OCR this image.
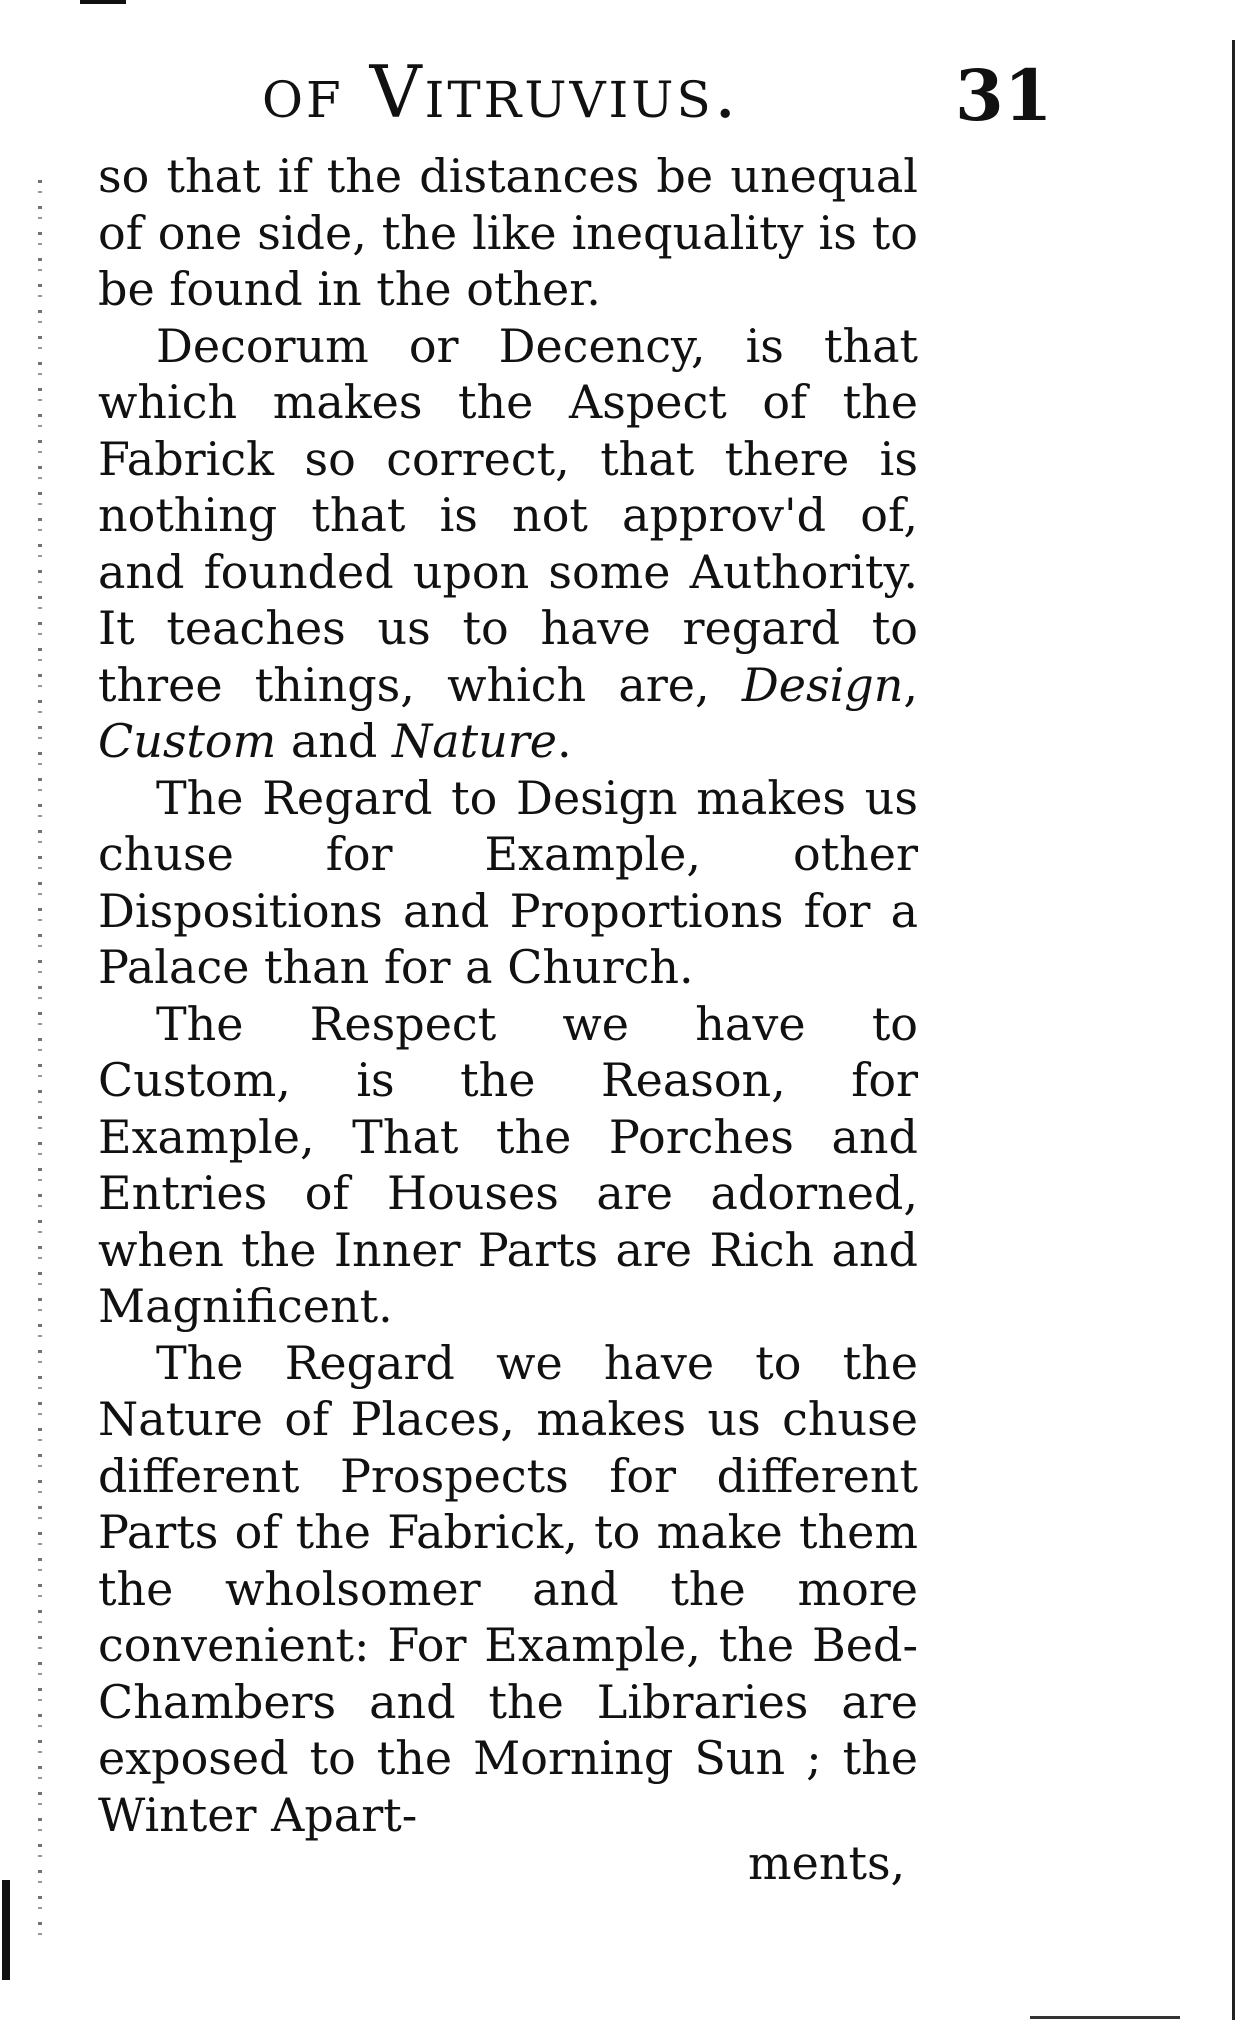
of Vitruvius.	31

so that if the distances be unequal of one side, the like inequality is to be found in the other.

Decorum or Decency, is that which makes the Aspect of the Fabrick so correct, that there is nothing that is not approv'd of, and founded upon some Authority. It teaches us to have regard to three things, which are, Design, Custom and Nature.

The Regard to Design makes us chuse for Example, other Dispositions and Proportions for a Palace than for a Church.

The Respect we have to Custom, is the Reason, for Example, That the Porches and Entries of Houses are adorned, when the Inner Parts are Rich and Magnificent.

The Regard we have to the Nature of Places, makes us chuse different Prospects for different Parts of the Fabrick, to make them the wholsomer and the more convenient: For Example, the Bed-Chambers and the Libraries are exposed to the Morning Sun ; the Winter Apart-

ments,
